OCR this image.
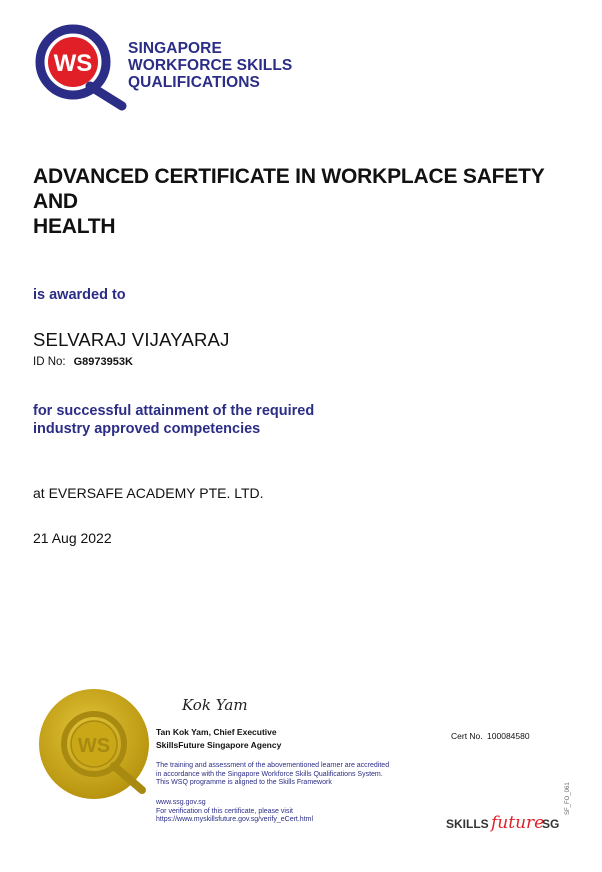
WS
SINGAPORE
WORKFORCE SKILLS
QUALIFICATIONS
ADVANCED CERTIFICATE IN WORKPLACE SAFETY AND
HEALTH
is awarded to
SELVARAJ VIJAYARAJ
ID No: G8973953K
for successful attainment of the required
industry approved competencies
at EVERSAFE ACADEMY PTE. LTD.
21 Aug 2022
WS
Kok Yam
Tan Kok Yam, Chief Executive
SkillsFuture Singapore Agency
The training and assessment of the abovementioned learner are accredited
in accordance with the Singapore Workforce Skills Qualifications System.
This WSQ programme is aligned to the Skills Framework
www.ssg.gov.sg
For verification of this certificate, please visit
https://www.myskillsfuture.gov.sg/verify_eCert.html
Cert No. 100084580
SKILLS future
SG
SF_FO_061
